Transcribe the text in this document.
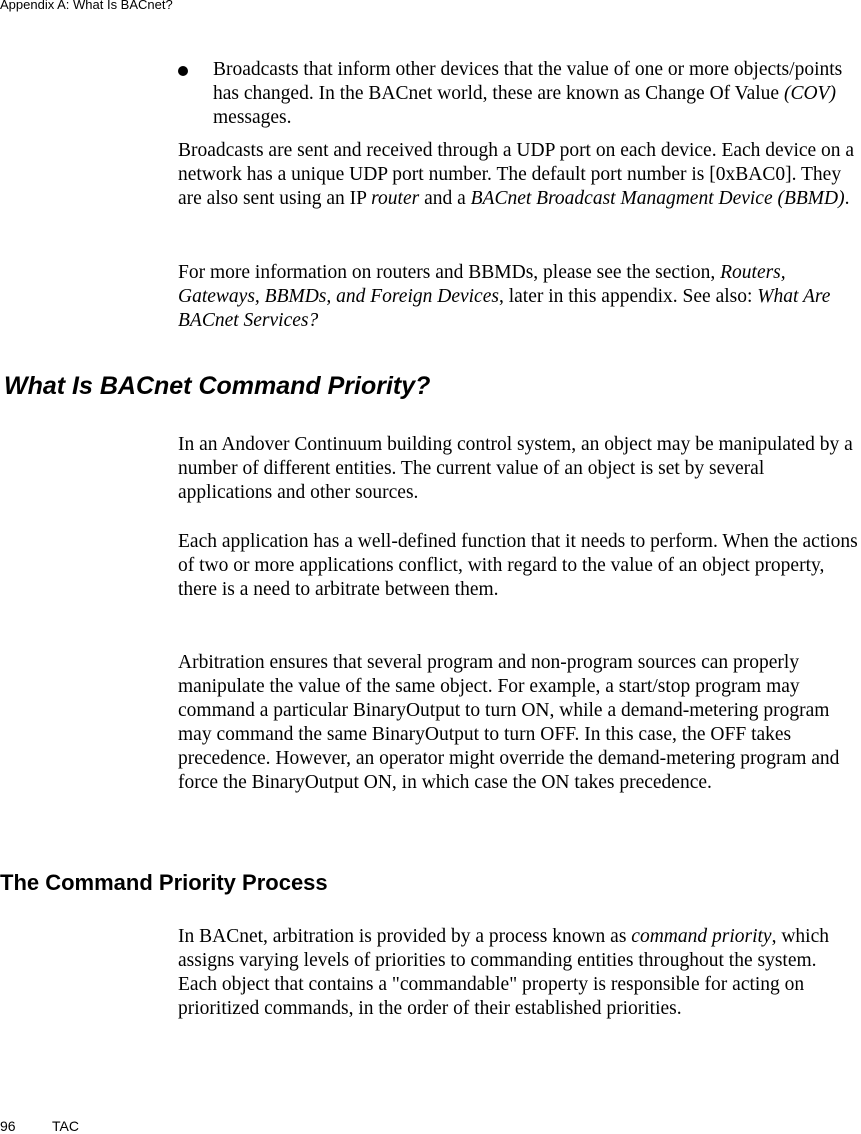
Appendix A: What Is BACnet?

Broadcasts that inform other devices that the value of one or more objects/points has changed. In the BACnet world, these are known as Change Of Value (COV) messages.

Broadcasts are sent and received through a UDP port on each device. Each device on a network has a unique UDP port number. The default port number is [0xBAC0]. They are also sent using an IP router and a BACnet Broadcast Managment Device (BBMD).

For more information on routers and BBMDs, please see the section, Routers, Gateways, BBMDs, and Foreign Devices, later in this appendix. See also: What Are BACnet Services?

What Is BACnet Command Priority?

In an Andover Continuum building control system, an object may be manipulated by a number of different entities. The current value of an object is set by several applications and other sources.

Each application has a well-defined function that it needs to perform. When the actions of two or more applications conflict, with regard to the value of an object property, there is a need to arbitrate between them.

Arbitration ensures that several program and non-program sources can properly manipulate the value of the same object. For example, a start/stop program may command a particular BinaryOutput to turn ON, while a demand-metering program may command the same BinaryOutput to turn OFF. In this case, the OFF takes precedence. However, an operator might override the demand-metering program and force the BinaryOutput ON, in which case the ON takes precedence.

The Command Priority Process

In BACnet, arbitration is provided by a process known as command priority, which assigns varying levels of priorities to commanding entities throughout the system. Each object that contains a "commandable" property is responsible for acting on prioritized commands, in the order of their established priorities.

96	TAC
